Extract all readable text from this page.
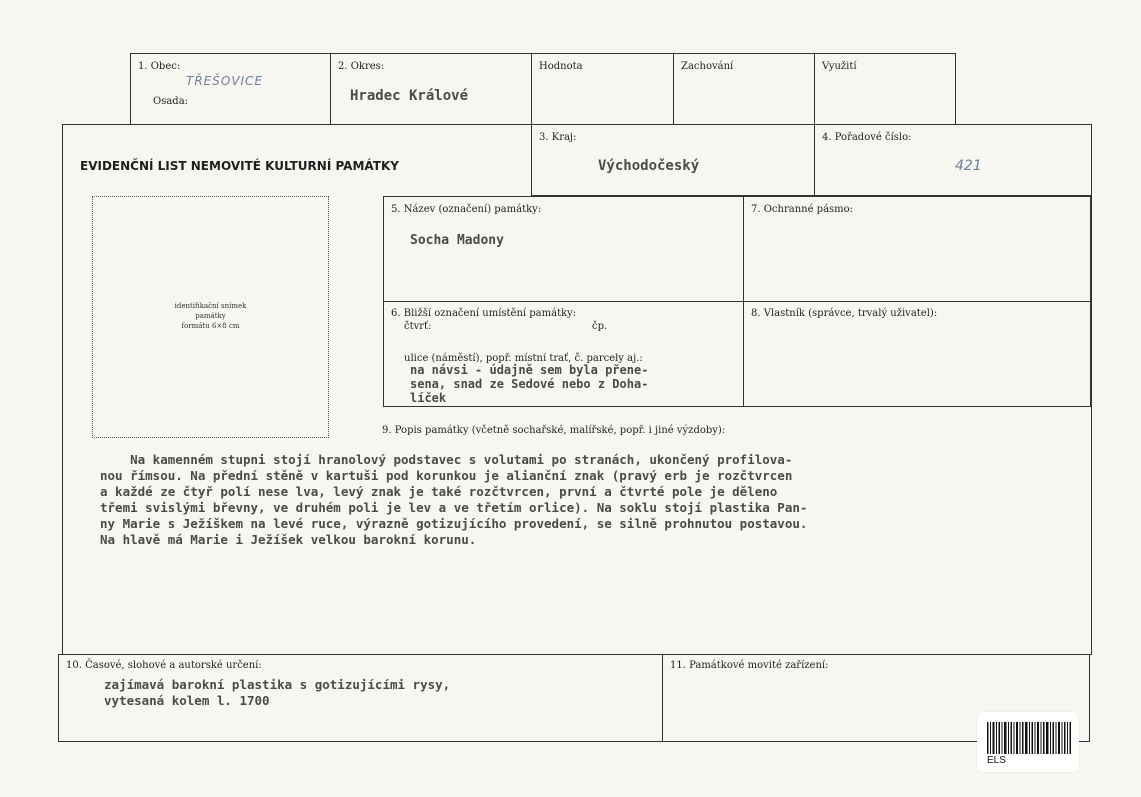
1. Obec:
TŘEŠOVICE
Osada:
2. Okres:
Hradec Králové
Hodnota	Zachování	Využití
EVIDENČNÍ LIST NEMOVITÉ KULTURNÍ PAMÁTKY
3. Kraj:
Východočeský
4. Pořadové číslo:
421
identifikační snímek
památky
formátu 6×8 cm
5. Název (označení) památky:
Socha Madony
7. Ochranné pásmo:
6. Bližší označení umístění památky:
čtvrť:	čp.
ulice (náměstí), popř. místní trať, č. parcely aj.:
na návsi - údajně sem byla přene-
sena, snad ze Sedové nebo z Doha-
líček
8. Vlastník (správce, trvalý uživatel):
9. Popis památky (včetně sochařské, malířské, popř. i jiné výzdoby):
Na kamenném stupni stojí hranolový podstavec s volutami po stranách, ukončený profilova-
nou římsou. Na přední stěně v kartuši pod korunkou je alianční znak (pravý erb je rozčtvrcen
a každé ze čtyř polí nese lva, levý znak je také rozčtvrcen, první a čtvrté pole je děleno
třemi svislými břevny, ve druhém poli je lev a ve třetím orlice). Na soklu stojí plastika Pan-
ny Marie s Ježíškem na levé ruce, výrazně gotizujícího provedení, se silně prohnutou postavou.
Na hlavě má Marie i Ježíšek velkou barokní korunu.
10. Časové, slohové a autorské určení:
zajímavá barokní plastika s gotizujícími rysy,
vytesaná kolem l. 1700
11. Památkové movité zařízení:
ELS
